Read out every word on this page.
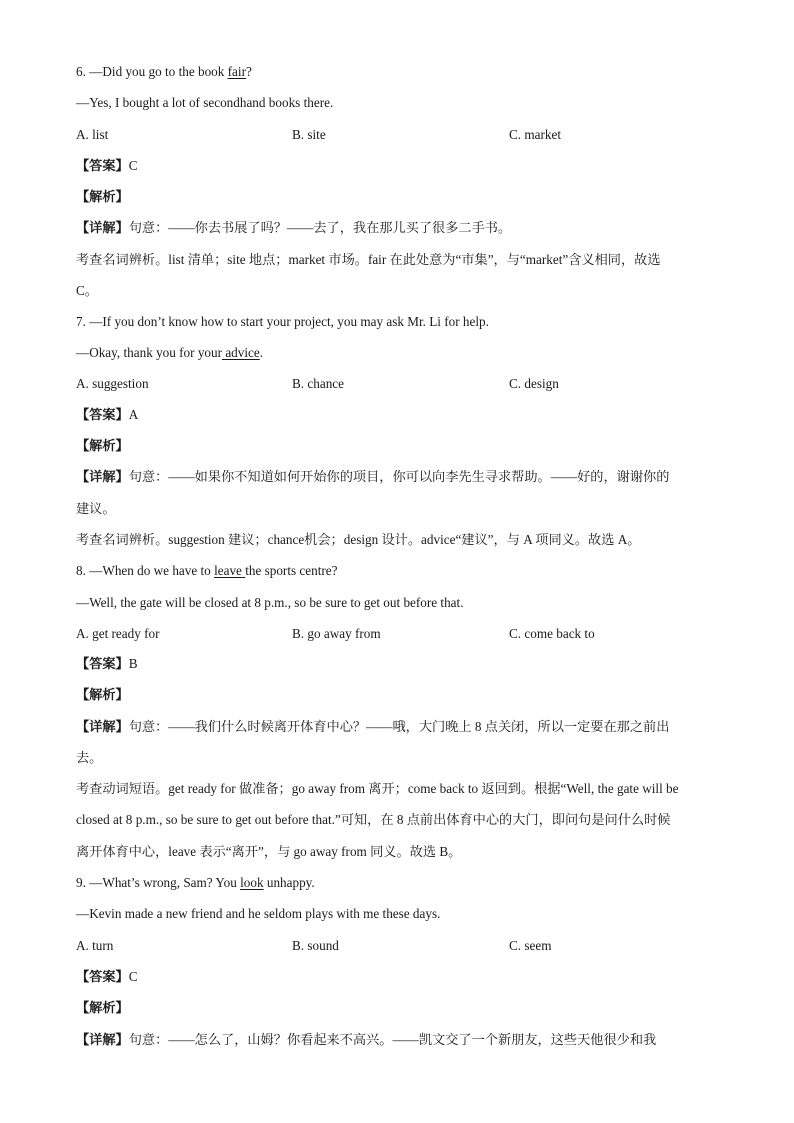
6. —Did you go to the book fair?
—Yes, I bought a lot of secondhand books there.
A. list	B. site	C. market
【答案】C
【解析】
【详解】句意：——你去书展了吗？——去了，我在那儿买了很多二手书。
考查名词辨析。list 清单；site 地点；market 市场。fair 在此处意为“市集”，与“market”含义相同，故选
C。
7. —If you don’t know how to start your project, you may ask Mr. Li for help.
—Okay, thank you for your advice.
A. suggestion	B. chance	C. design
【答案】A
【解析】
【详解】句意：——如果你不知道如何开始你的项目，你可以向李先生寻求帮助。——好的，谢谢你的
建议。
考查名词辨析。suggestion 建议；chance机会；design 设计。advice“建议”，与 A 项同义。故选 A。
8. —When do we have to leave the sports centre?
—Well, the gate will be closed at 8 p.m., so be sure to get out before that.
A. get ready for	B. go away from	C. come back to
【答案】B
【解析】
【详解】句意：——我们什么时候离开体育中心？——哦，大门晚上 8 点关闭，所以一定要在那之前出
去。
考查动词短语。get ready for 做准备；go away from 离开；come back to 返回到。根据“Well, the gate will be
closed at 8 p.m., so be sure to get out before that.”可知，在 8 点前出体育中心的大门，即问句是问什么时候
离开体育中心，leave 表示“离开”，与 go away from 同义。故选 B。
9. —What’s wrong, Sam? You look unhappy.
—Kevin made a new friend and he seldom plays with me these days.
A. turn	B. sound	C. seem
【答案】C
【解析】
【详解】句意：——怎么了，山姆？你看起来不高兴。——凯文交了一个新朋友，这些天他很少和我
